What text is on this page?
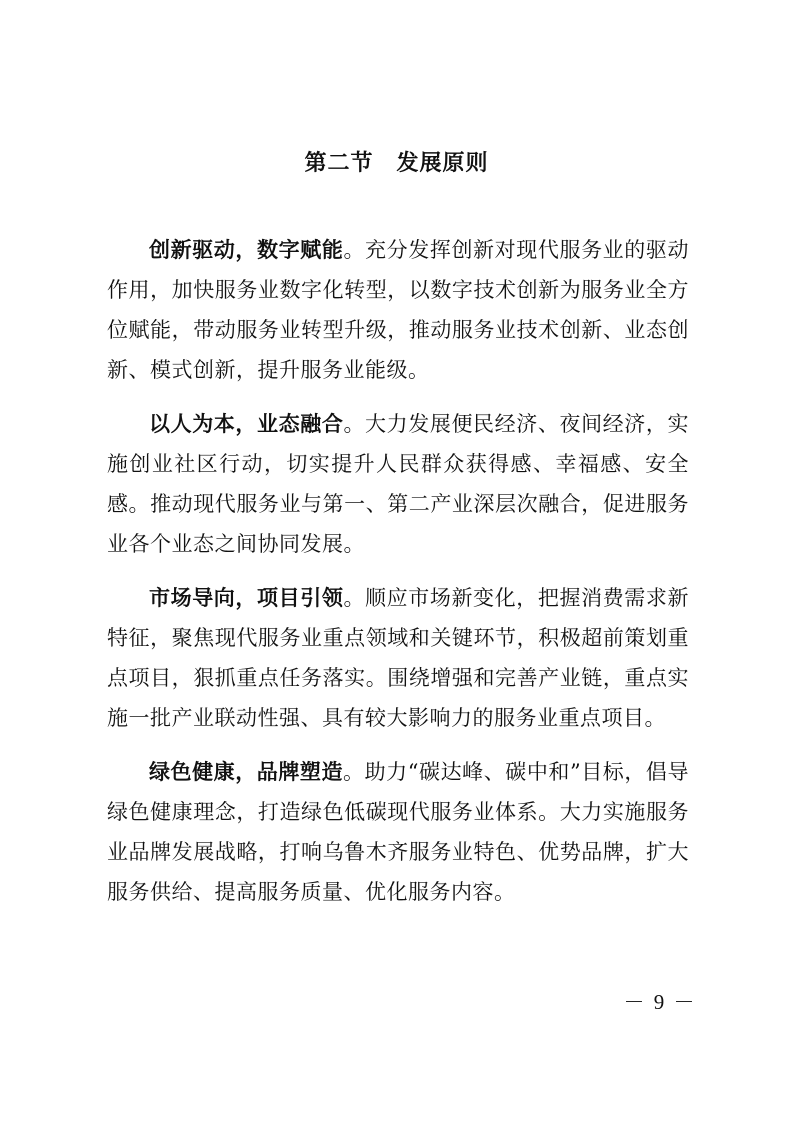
第二节　发展原则

创新驱动，数字赋能。充分发挥创新对现代服务业的驱动作用，加快服务业数字化转型，以数字技术创新为服务业全方位赋能，带动服务业转型升级，推动服务业技术创新、业态创新、模式创新，提升服务业能级。

以人为本，业态融合。大力发展便民经济、夜间经济，实施创业社区行动，切实提升人民群众获得感、幸福感、安全感。推动现代服务业与第一、第二产业深层次融合，促进服务业各个业态之间协同发展。

市场导向，项目引领。顺应市场新变化，把握消费需求新特征，聚焦现代服务业重点领域和关键环节，积极超前策划重点项目，狠抓重点任务落实。围绕增强和完善产业链，重点实施一批产业联动性强、具有较大影响力的服务业重点项目。

绿色健康，品牌塑造。助力“碳达峰、碳中和”目标，倡导绿色健康理念，打造绿色低碳现代服务业体系。大力实施服务业品牌发展战略，打响乌鲁木齐服务业特色、优势品牌，扩大服务供给、提高服务质量、优化服务内容。

－ 9 －
